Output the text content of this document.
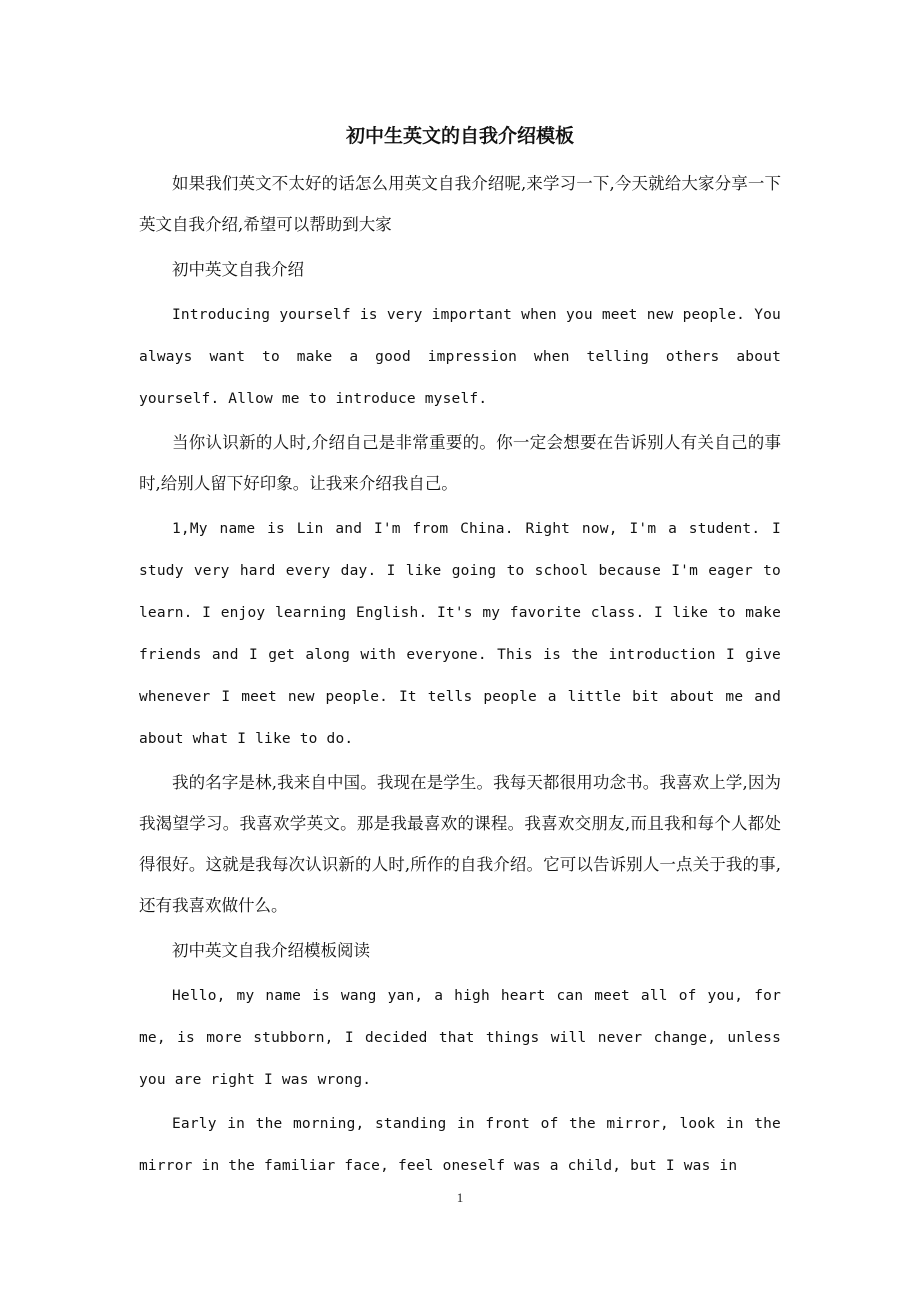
初中生英文的自我介绍模板

如果我们英文不太好的话怎么用英文自我介绍呢,来学习一下,今天就给大家分享一下英文自我介绍,希望可以帮助到大家

初中英文自我介绍

Introducing yourself is very important when you meet new people. You always want to make a good impression when telling others about yourself. Allow me to introduce myself.

当你认识新的人时,介绍自己是非常重要的。你一定会想要在告诉别人有关自己的事时,给别人留下好印象。让我来介绍我自己。

1,My name is Lin and I'm from China. Right now, I'm a student. I study very hard every day. I like going to school because I'm eager to learn. I enjoy learning English. It's my favorite class. I like to make friends and I get along with everyone. This is the introduction I give whenever I meet new people. It tells people a little bit about me and about what I like to do.

我的名字是林,我来自中国。我现在是学生。我每天都很用功念书。我喜欢上学,因为我渴望学习。我喜欢学英文。那是我最喜欢的课程。我喜欢交朋友,而且我和每个人都处得很好。这就是我每次认识新的人时,所作的自我介绍。它可以告诉别人一点关于我的事,还有我喜欢做什么。

初中英文自我介绍模板阅读

Hello, my name is wang yan, a high heart can meet all of you, for me, is more stubborn, I decided that things will never change, unless you are right I was wrong.

Early in the morning, standing in front of the mirror, look in the mirror in the familiar face, feel oneself was a child, but I was in

1
